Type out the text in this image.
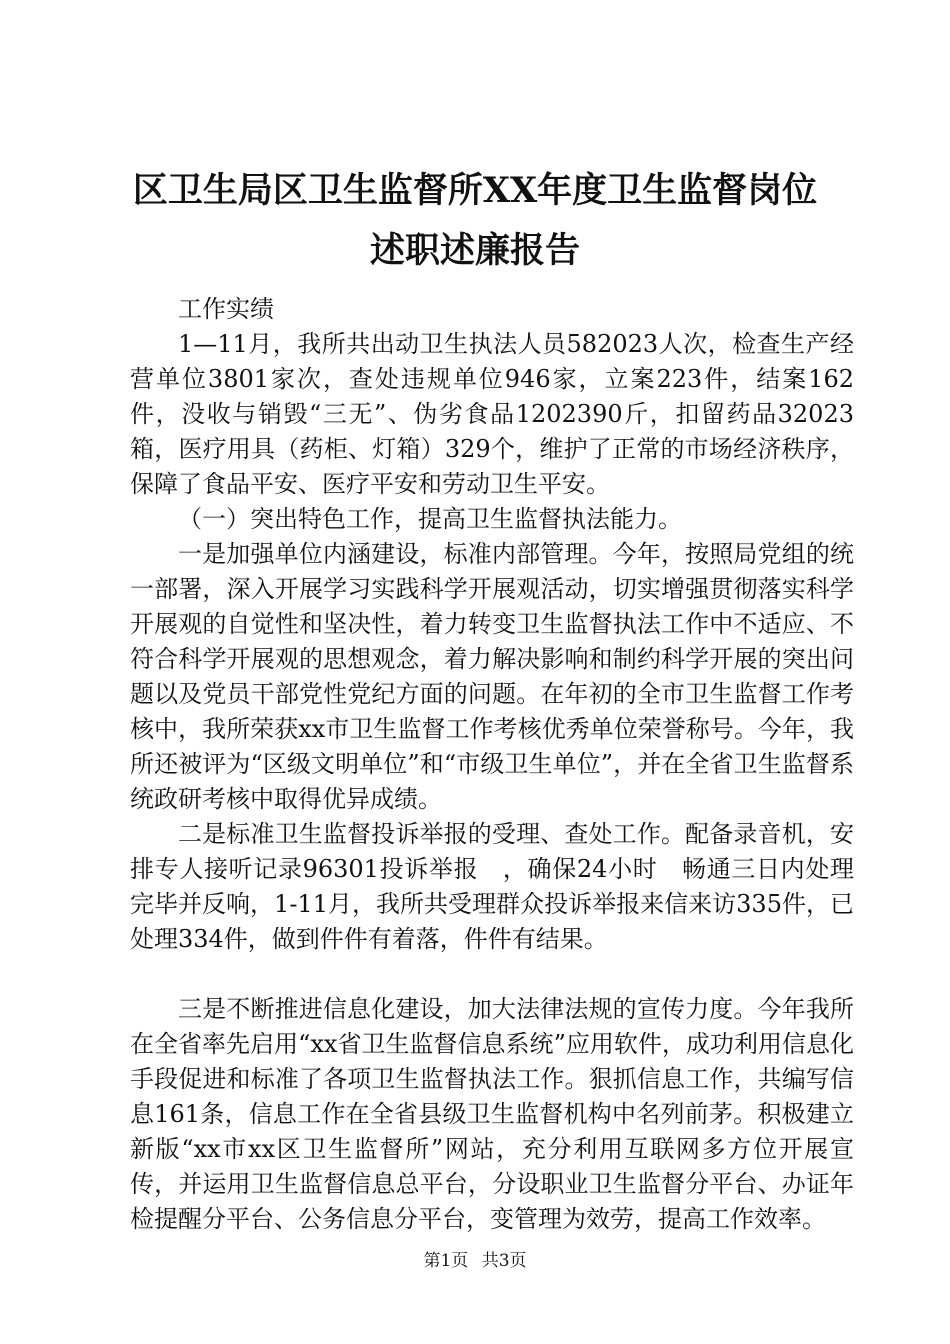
区卫生局区卫生监督所XX年度卫生监督岗位
述职述廉报告

工作实绩

1—11月，我所共出动卫生执法人员582023人次，检查生产经营单位3801家次，查处违规单位946家，立案223件，结案162件，没收与销毁“三无”、伪劣食品1202390斤，扣留药品32023箱，医疗用具（药柜、灯箱）329个，维护了正常的市场经济秩序，保障了食品平安、医疗平安和劳动卫生平安。

（一）突出特色工作，提高卫生监督执法能力。

一是加强单位内涵建设，标准内部管理。今年，按照局党组的统一部署，深入开展学习实践科学开展观活动，切实增强贯彻落实科学开展观的自觉性和坚决性，着力转变卫生监督执法工作中不适应、不符合科学开展观的思想观念，着力解决影响和制约科学开展的突出问题以及党员干部党性党纪方面的问题。在年初的全市卫生监督工作考核中，我所荣获xx市卫生监督工作考核优秀单位荣誉称号。今年，我所还被评为“区级文明单位”和“市级卫生单位”，并在全省卫生监督系统政研考核中取得优异成绩。

二是标准卫生监督投诉举报的受理、查处工作。配备录音机，安排专人接听记录96301投诉举报　，确保24小时　畅通三日内处理完毕并反响，1-11月，我所共受理群众投诉举报来信来访335件，已处理334件，做到件件有着落，件件有结果。

三是不断推进信息化建设，加大法律法规的宣传力度。今年我所在全省率先启用“xx省卫生监督信息系统”应用软件，成功利用信息化手段促进和标准了各项卫生监督执法工作。狠抓信息工作，共编写信息161条，信息工作在全省县级卫生监督机构中名列前茅。积极建立新版“xx市xx区卫生监督所”网站，充分利用互联网多方位开展宣传，并运用卫生监督信息总平台，分设职业卫生监督分平台、办证年检提醒分平台、公务信息分平台，变管理为效劳，提高工作效率。

第1页 共3页
